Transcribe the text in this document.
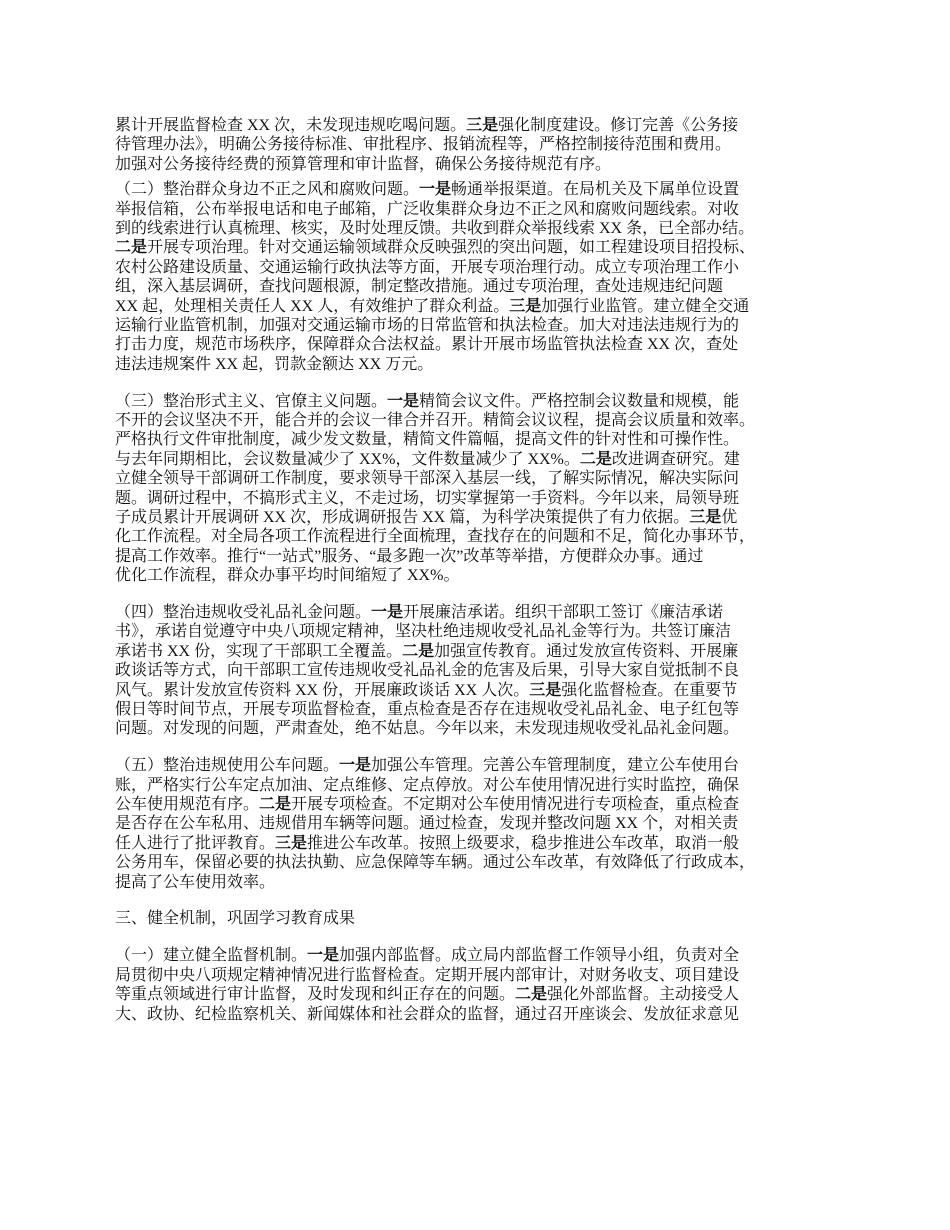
累计开展监督检查 XX 次，未发现违规吃喝问题。三是强化制度建设。修订完善《公务接
待管理办法》，明确公务接待标准、审批程序、报销流程等，严格控制接待范围和费用。
加强对公务接待经费的预算管理和审计监督，确保公务接待规范有序。
（二）整治群众身边不正之风和腐败问题。一是畅通举报渠道。在局机关及下属单位设置
举报信箱，公布举报电话和电子邮箱，广泛收集群众身边不正之风和腐败问题线索。对收
到的线索进行认真梳理、核实，及时处理反馈。共收到群众举报线索 XX 条，已全部办结。
二是开展专项治理。针对交通运输领域群众反映强烈的突出问题，如工程建设项目招投标、
农村公路建设质量、交通运输行政执法等方面，开展专项治理行动。成立专项治理工作小
组，深入基层调研，查找问题根源，制定整改措施。通过专项治理，查处违规违纪问题
XX 起，处理相关责任人 XX 人，有效维护了群众利益。三是加强行业监管。建立健全交通
运输行业监管机制，加强对交通运输市场的日常监管和执法检查。加大对违法违规行为的
打击力度，规范市场秩序，保障群众合法权益。累计开展市场监管执法检查 XX 次，查处
违法违规案件 XX 起，罚款金额达 XX 万元。
（三）整治形式主义、官僚主义问题。一是精简会议文件。严格控制会议数量和规模，能
不开的会议坚决不开，能合并的会议一律合并召开。精简会议议程，提高会议质量和效率。
严格执行文件审批制度，减少发文数量，精简文件篇幅，提高文件的针对性和可操作性。
与去年同期相比，会议数量减少了 XX%，文件数量减少了 XX%。二是改进调查研究。建
立健全领导干部调研工作制度，要求领导干部深入基层一线，了解实际情况，解决实际问
题。调研过程中，不搞形式主义，不走过场，切实掌握第一手资料。今年以来，局领导班
子成员累计开展调研 XX 次，形成调研报告 XX 篇，为科学决策提供了有力依据。三是优
化工作流程。对全局各项工作流程进行全面梳理，查找存在的问题和不足，简化办事环节，
提高工作效率。推行“一站式”服务、“最多跑一次”改革等举措，方便群众办事。通过
优化工作流程，群众办事平均时间缩短了 XX%。
（四）整治违规收受礼品礼金问题。一是开展廉洁承诺。组织干部职工签订《廉洁承诺
书》，承诺自觉遵守中央八项规定精神，坚决杜绝违规收受礼品礼金等行为。共签订廉洁
承诺书 XX 份，实现了干部职工全覆盖。二是加强宣传教育。通过发放宣传资料、开展廉
政谈话等方式，向干部职工宣传违规收受礼品礼金的危害及后果，引导大家自觉抵制不良
风气。累计发放宣传资料 XX 份，开展廉政谈话 XX 人次。三是强化监督检查。在重要节
假日等时间节点，开展专项监督检查，重点检查是否存在违规收受礼品礼金、电子红包等
问题。对发现的问题，严肃查处，绝不姑息。今年以来，未发现违规收受礼品礼金问题。
（五）整治违规使用公车问题。一是加强公车管理。完善公车管理制度，建立公车使用台
账，严格实行公车定点加油、定点维修、定点停放。对公车使用情况进行实时监控，确保
公车使用规范有序。二是开展专项检查。不定期对公车使用情况进行专项检查，重点检查
是否存在公车私用、违规借用车辆等问题。通过检查，发现并整改问题 XX 个，对相关责
任人进行了批评教育。三是推进公车改革。按照上级要求，稳步推进公车改革，取消一般
公务用车，保留必要的执法执勤、应急保障等车辆。通过公车改革，有效降低了行政成本，
提高了公车使用效率。
三、健全机制，巩固学习教育成果
（一）建立健全监督机制。一是加强内部监督。成立局内部监督工作领导小组，负责对全
局贯彻中央八项规定精神情况进行监督检查。定期开展内部审计，对财务收支、项目建设
等重点领域进行审计监督，及时发现和纠正存在的问题。二是强化外部监督。主动接受人
大、政协、纪检监察机关、新闻媒体和社会群众的监督，通过召开座谈会、发放征求意见
